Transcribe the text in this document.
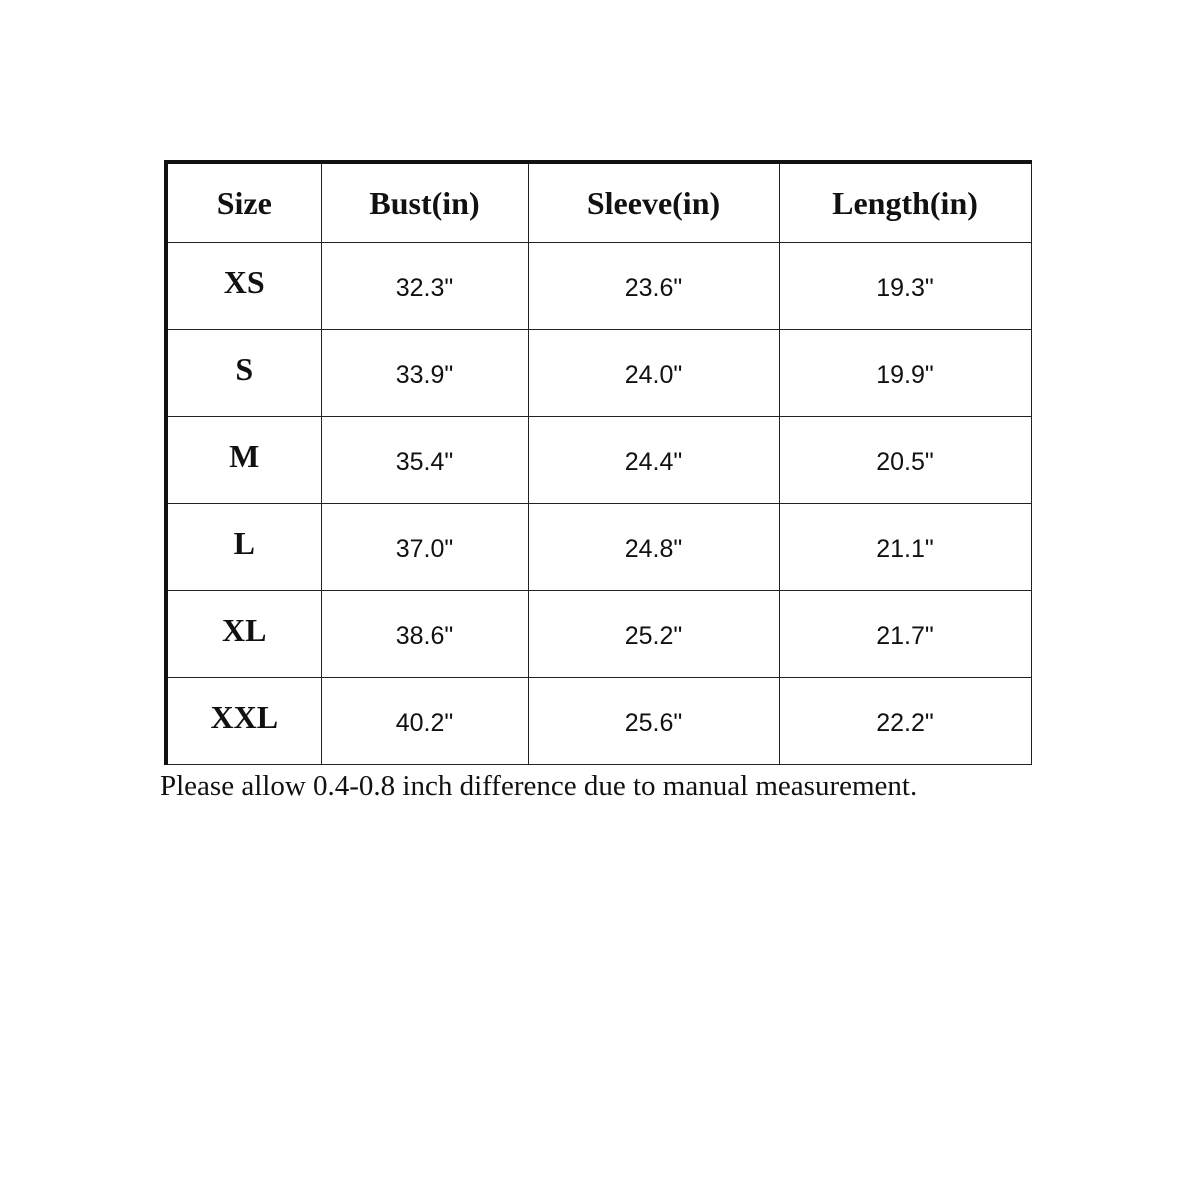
Size	Bust(in)	Sleeve(in)	Length(in)
XS	32.3"	23.6"	19.3"
S	33.9"	24.0"	19.9"
M	35.4"	24.4"	20.5"
L	37.0"	24.8"	21.1"
XL	38.6"	25.2"	21.7"
XXL	40.2"	25.6"	22.2"
Please allow 0.4-0.8 inch difference due to manual measurement.
